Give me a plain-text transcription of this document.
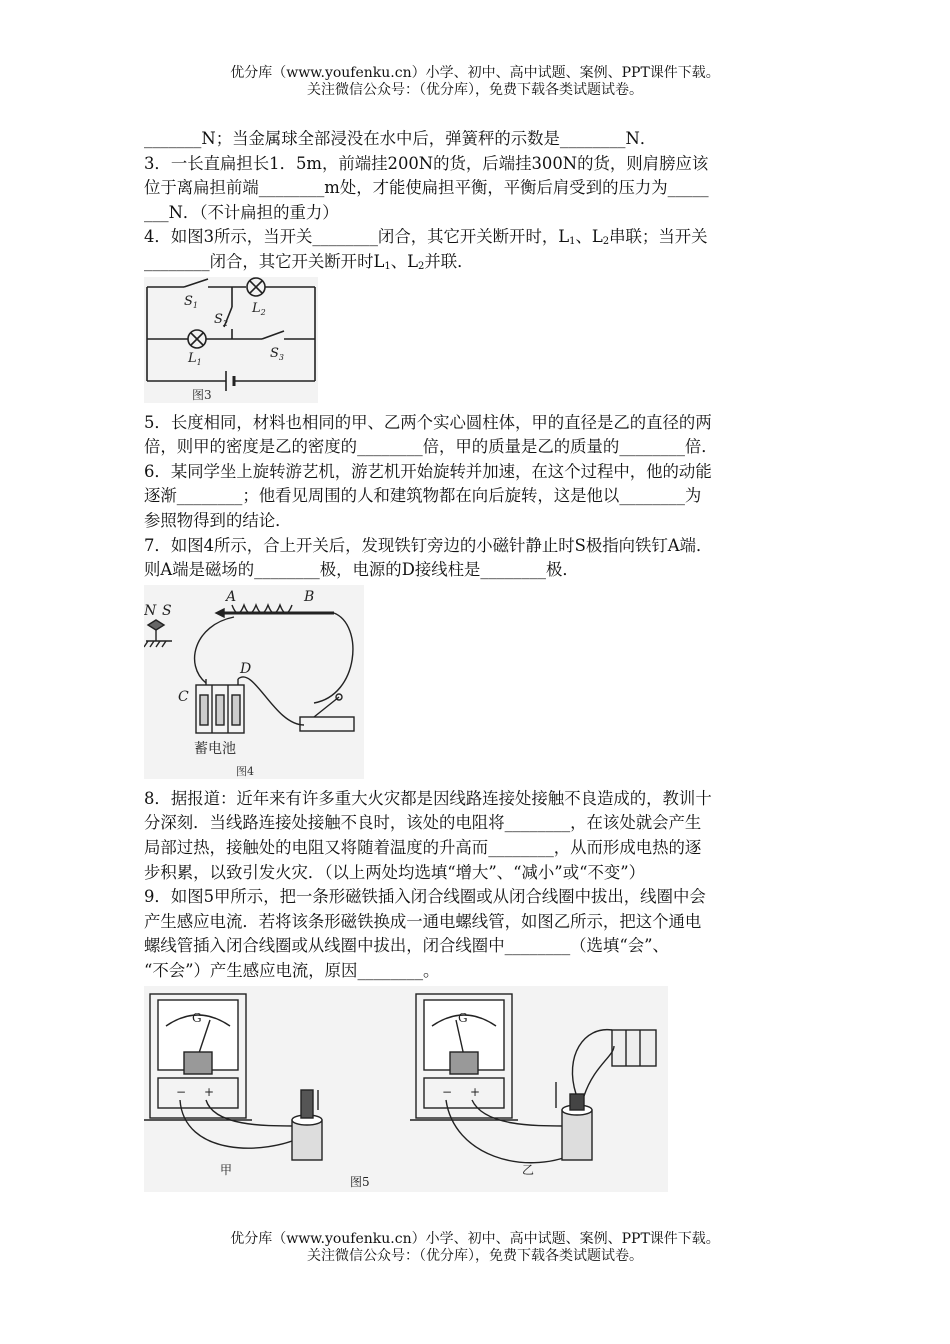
优分库（www.youfenku.cn）小学、初中、高中试题、案例、PPT课件下载。
关注微信公众号：（优分库），免费下载各类试题试卷。
_______N；当金属球全部浸没在水中后，弹簧秤的示数是________N．
3．一长直扁担长1．5m，前端挂200N的货，后端挂300N的货，则肩膀应该
位于离扁担前端________m处，才能使扁担平衡，平衡后肩受到的压力为_____
___N．（不计扁担的重力）
4．如图3所示，当开关________闭合，其它开关断开时，$L_1$、$L_2$串联；当开关
________闭合，其它开关断开时$L_1$、$L_2$并联．
$S_1$
$S_2$
$L_2$
$L_1$
$S_3$
图3
5．长度相同，材料也相同的甲、乙两个实心圆柱体，甲的直径是乙的直径的两
倍，则甲的密度是乙的密度的________倍，甲的质量是乙的质量的________倍．
6．某同学坐上旋转游艺机，游艺机开始旋转并加速，在这个过程中，他的动能
逐渐________；他看见周围的人和建筑物都在向后旋转，这是他以________为
参照物得到的结论．
7．如图4所示，合上开关后，发现铁钉旁边的小磁针静止时S极指向铁钉A端．
则A端是磁场的________极，电源的D接线柱是________极．
N S
A	B
C
D
蓄电池
图4
8．据报道：近年来有许多重大火灾都是因线路连接处接触不良造成的，教训十
分深刻．当线路连接处接触不良时，该处的电阻将________，在该处就会产生
局部过热，接触处的电阻又将随着温度的升高而________，从而形成电热的逐
步积累，以致引发火灾．（以上两处均选填“增大”、“减小”或“不变”）
9．如图5甲所示，把一条形磁铁插入闭合线圈或从闭合线圈中拔出，线圈中会
产生感应电流．若将该条形磁铁换成一通电螺线管，如图乙所示，把这个通电
螺线管插入闭合线圈或从线圈中拔出，闭合线圈中________（选填“会”、
“不会”）产生感应电流，原因________。
G	G
− +	− +
甲	乙
图5
优分库（www.youfenku.cn）小学、初中、高中试题、案例、PPT课件下载。
关注微信公众号：（优分库），免费下载各类试题试卷。
